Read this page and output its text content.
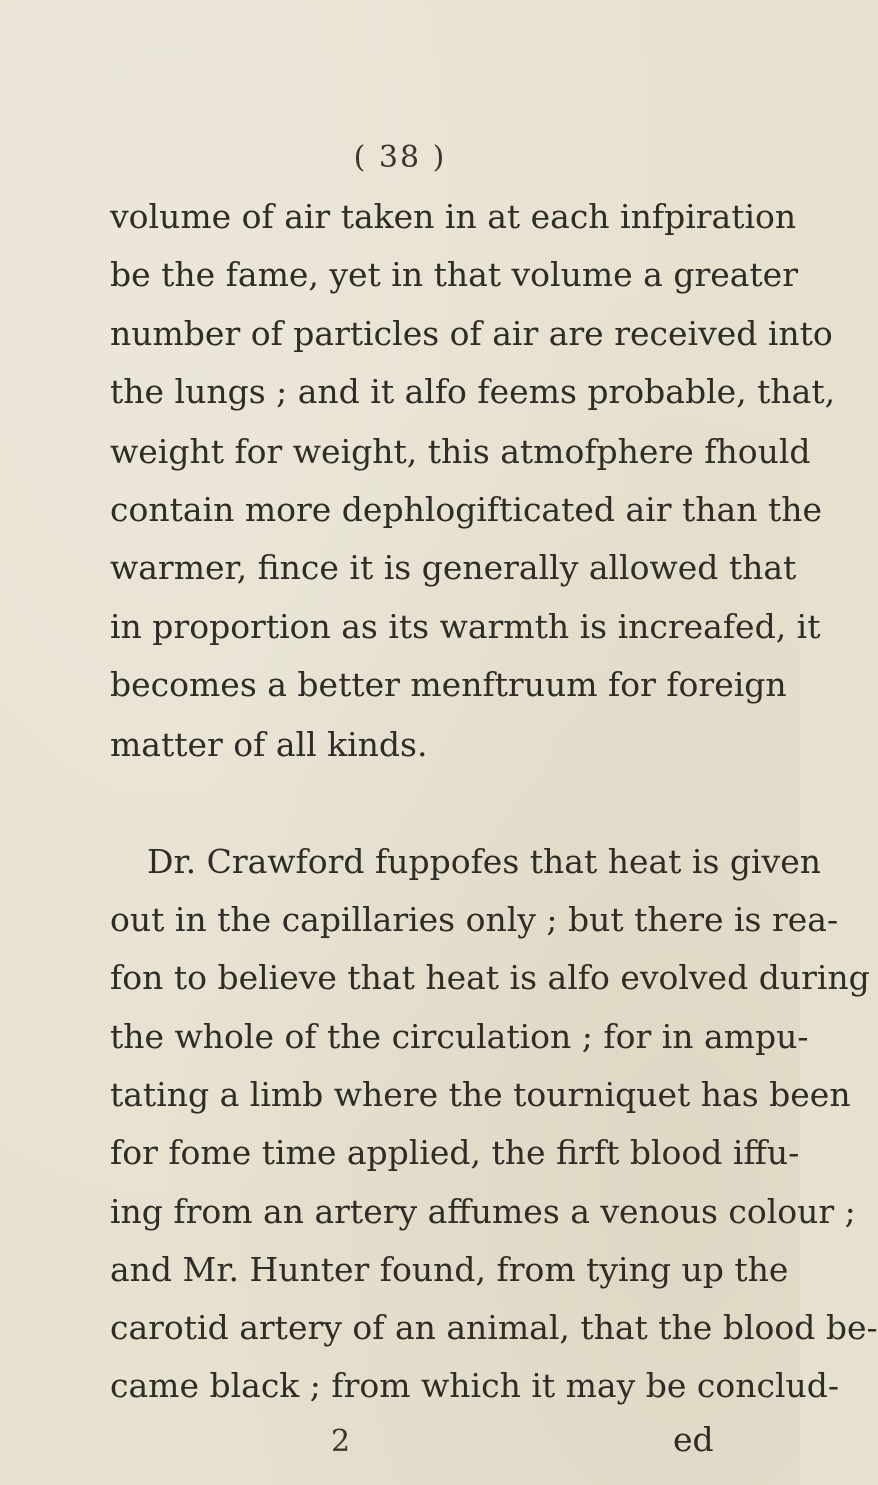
( 38 )
volume of air taken in at each infpiration
be the fame, yet in that volume a greater
number of particles of air are received into
the lungs ; and it alfo feems probable, that,
weight for weight, this atmofphere fhould
contain more dephlogifticated air than the
warmer, fince it is generally allowed that
in proportion as its warmth is increafed, it
becomes a better menftruum for foreign
matter of all kinds.
Dr. Crawford fuppofes that heat is given
out in the capillaries only ; but there is rea-
fon to believe that heat is alfo evolved during
the whole of the circulation ; for in ampu-
tating a limb where the tourniquet has been
for fome time applied, the firft blood iffu-
ing from an artery affumes a venous colour ;
and Mr. Hunter found, from tying up the
carotid artery of an animal, that the blood be-
came black ; from which it may be conclud-
2	ed
